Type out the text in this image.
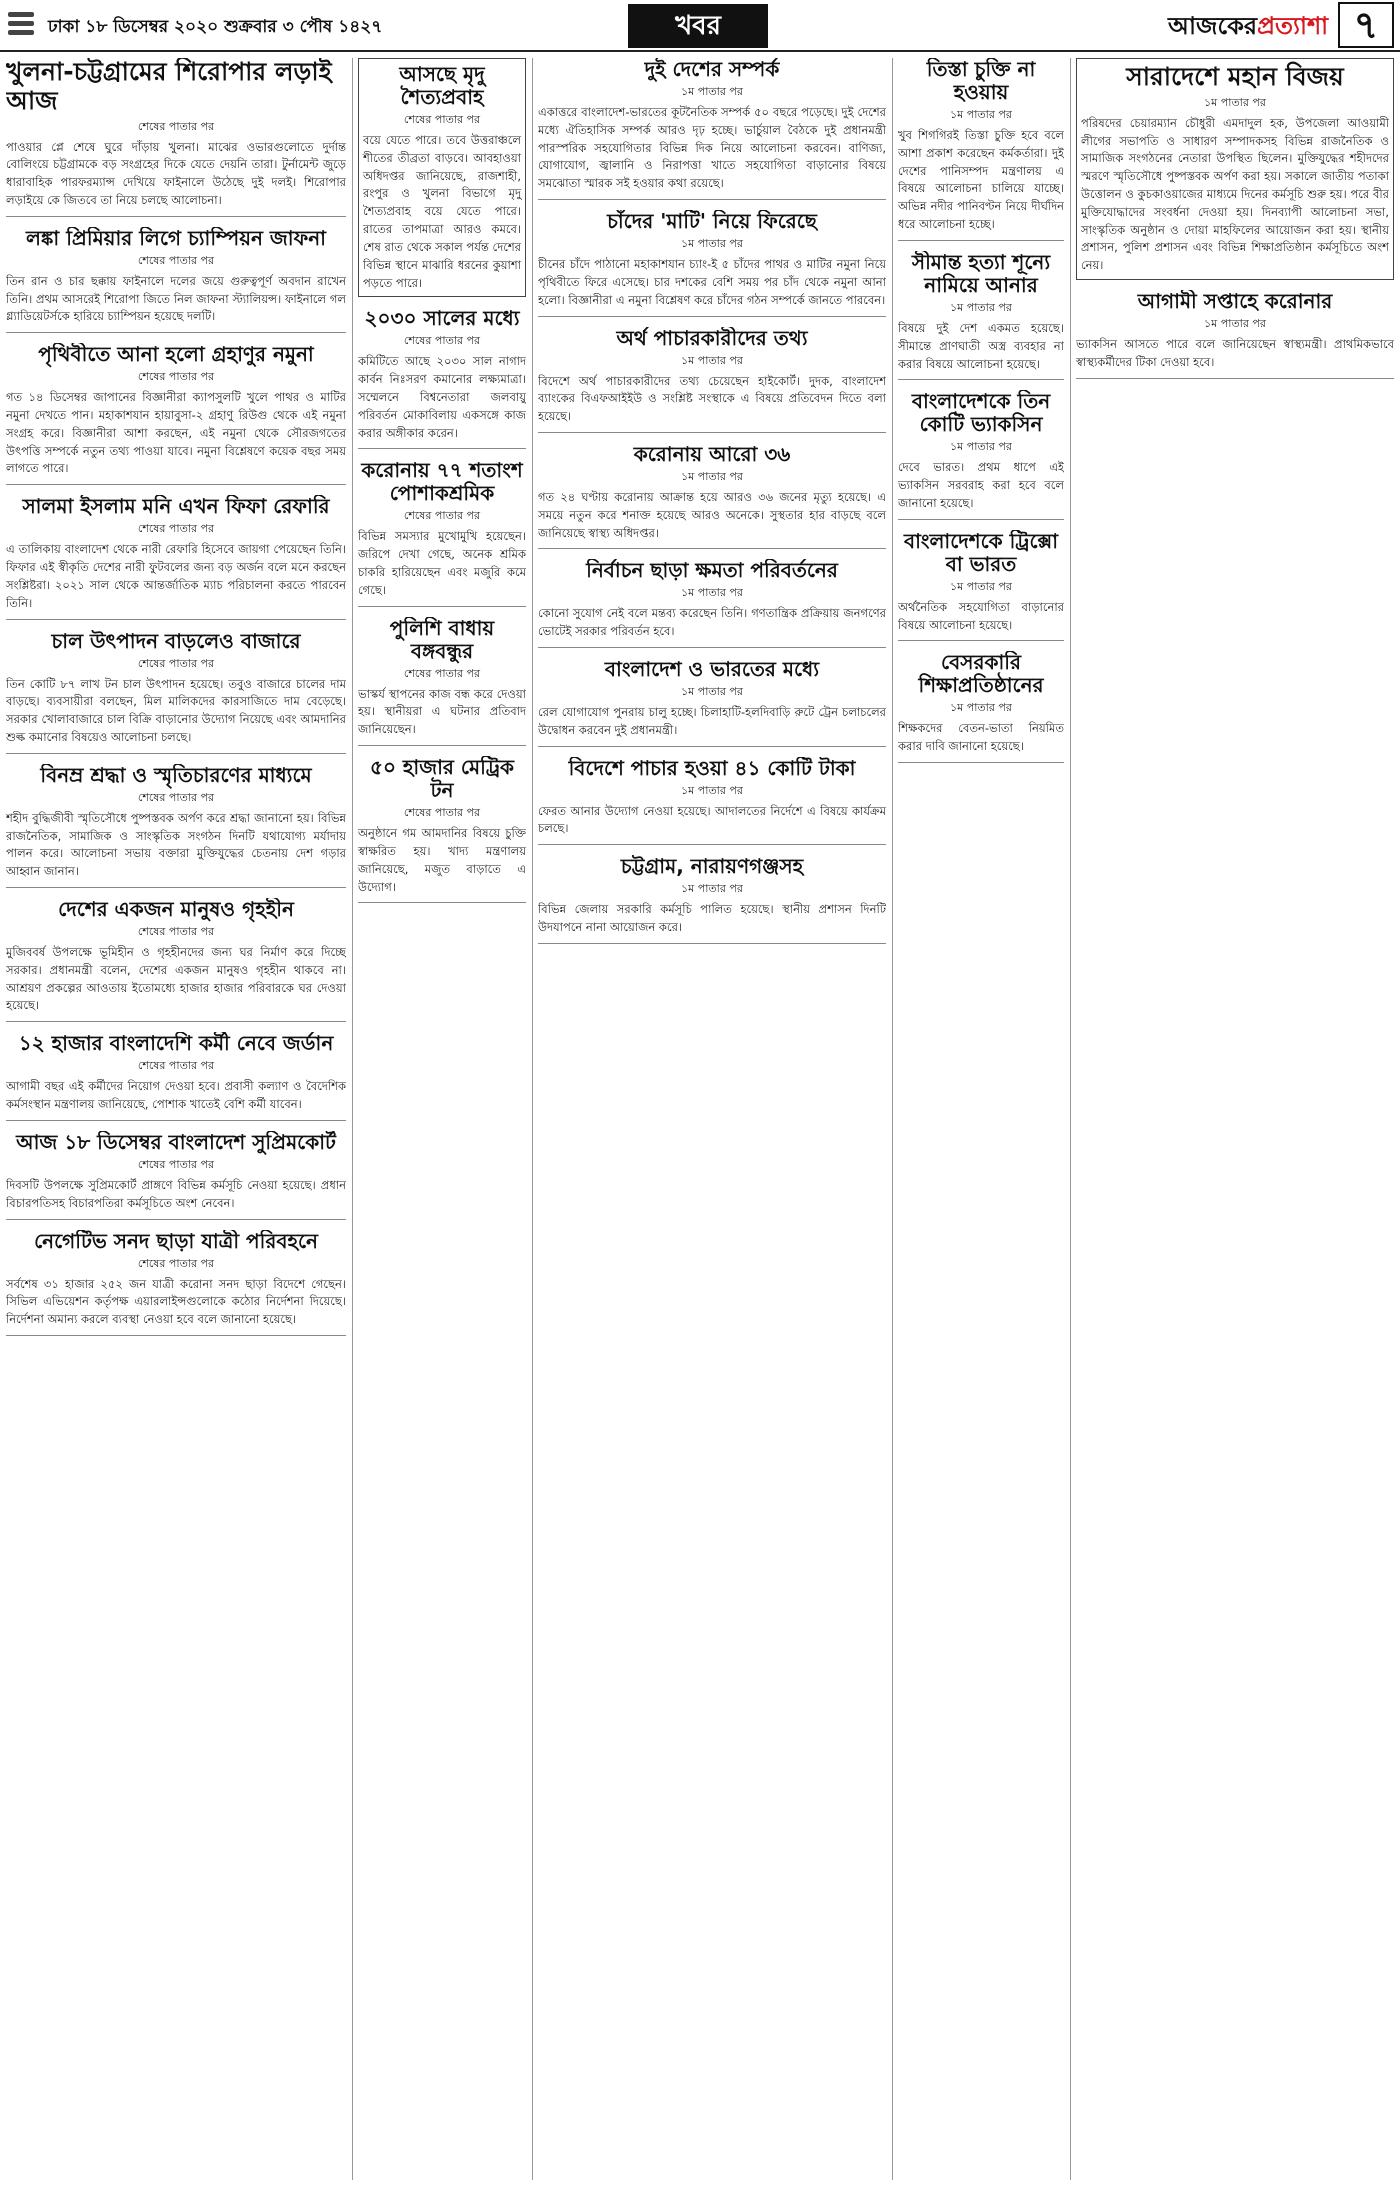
ঢাকা ১৮ ডিসেম্বর ২০২০ শুক্রবার ৩ পৌষ ১৪২৭	খবর	আজকেরপ্রত্যাশা ৭
খুলনা-চট্টগ্রামের শিরোপার লড়াই আজ
শেষের পাতার পর

পাওয়ার প্লে শেষে ঘুরে দাঁড়ায় খুলনা। মাঝের ওভারগুলোতে দুর্দান্ত বোলিংয়ে চট্টগ্রামকে বড় সংগ্রহের দিকে যেতে দেয়নি তারা। টুর্নামেন্ট জুড়ে ধারাবাহিক পারফরম্যান্স দেখিয়ে ফাইনালে উঠেছে দুই দলই। শিরোপার লড়াইয়ে কে জিতবে তা নিয়ে চলছে আলোচনা।

লঙ্কা প্রিমিয়ার লিগে চ্যাম্পিয়ন জাফনা
শেষের পাতার পর

তিন রান ও চার ছক্কায় ফাইনালে দলের জয়ে গুরুত্বপূর্ণ অবদান রাখেন তিনি। প্রথম আসরেই শিরোপা জিতে নিল জাফনা স্ট্যালিয়ন্স। ফাইনালে গল গ্ল্যাডিয়েটর্সকে হারিয়ে চ্যাম্পিয়ন হয়েছে দলটি।

পৃথিবীতে আনা হলো গ্রহাণুর নমুনা
শেষের পাতার পর

গত ১৪ ডিসেম্বর জাপানের বিজ্ঞানীরা ক্যাপসুলটি খুলে পাথর ও মাটির নমুনা দেখতে পান। মহাকাশযান হায়াবুসা-২ গ্রহাণু রিউগু থেকে এই নমুনা সংগ্রহ করে। বিজ্ঞানীরা আশা করছেন, এই নমুনা থেকে সৌরজগতের উৎপত্তি সম্পর্কে নতুন তথ্য পাওয়া যাবে। নমুনা বিশ্লেষণে কয়েক বছর সময় লাগতে পারে।

সালমা ইসলাম মনি এখন ফিফা রেফারি
শেষের পাতার পর

এ তালিকায় বাংলাদেশ থেকে নারী রেফারি হিসেবে জায়গা পেয়েছেন তিনি। ফিফার এই স্বীকৃতি দেশের নারী ফুটবলের জন্য বড় অর্জন বলে মনে করছেন সংশ্লিষ্টরা। ২০২১ সাল থেকে আন্তর্জাতিক ম্যাচ পরিচালনা করতে পারবেন তিনি।

চাল উৎপাদন বাড়লেও বাজারে
শেষের পাতার পর

তিন কোটি ৮৭ লাখ টন চাল উৎপাদন হয়েছে। তবুও বাজারে চালের দাম বাড়ছে। ব্যবসায়ীরা বলছেন, মিল মালিকদের কারসাজিতে দাম বেড়েছে। সরকার খোলাবাজারে চাল বিক্রি বাড়ানোর উদ্যোগ নিয়েছে এবং আমদানির শুল্ক কমানোর বিষয়েও আলোচনা চলছে।

বিনম্র শ্রদ্ধা ও স্মৃতিচারণের মাধ্যমে
শেষের পাতার পর

শহীদ বুদ্ধিজীবী স্মৃতিসৌধে পুষ্পস্তবক অর্পণ করে শ্রদ্ধা জানানো হয়। বিভিন্ন রাজনৈতিক, সামাজিক ও সাংস্কৃতিক সংগঠন দিনটি যথাযোগ্য মর্যাদায় পালন করে। আলোচনা সভায় বক্তারা মুক্তিযুদ্ধের চেতনায় দেশ গড়ার আহ্বান জানান।

দেশের একজন মানুষও গৃহহীন
শেষের পাতার পর

মুজিববর্ষ উপলক্ষে ভূমিহীন ও গৃহহীনদের জন্য ঘর নির্মাণ করে দিচ্ছে সরকার। প্রধানমন্ত্রী বলেন, দেশের একজন মানুষও গৃহহীন থাকবে না। আশ্রয়ণ প্রকল্পের আওতায় ইতোমধ্যে হাজার হাজার পরিবারকে ঘর দেওয়া হয়েছে।

১২ হাজার বাংলাদেশি কর্মী নেবে জর্ডান
শেষের পাতার পর

আগামী বছর এই কর্মীদের নিয়োগ দেওয়া হবে। প্রবাসী কল্যাণ ও বৈদেশিক কর্মসংস্থান মন্ত্রণালয় জানিয়েছে, পোশাক খাতেই বেশি কর্মী যাবেন।

আজ ১৮ ডিসেম্বর বাংলাদেশ সুপ্রিমকোর্ট
শেষের পাতার পর

দিবসটি উপলক্ষে সুপ্রিমকোর্ট প্রাঙ্গণে বিভিন্ন কর্মসূচি নেওয়া হয়েছে। প্রধান বিচারপতিসহ বিচারপতিরা কর্মসূচিতে অংশ নেবেন।

নেগেটিভ সনদ ছাড়া যাত্রী পরিবহনে
শেষের পাতার পর

সর্বশেষ ৩১ হাজার ২৫২ জন যাত্রী করোনা সনদ ছাড়া বিদেশে গেছেন। সিভিল এভিয়েশন কর্তৃপক্ষ এয়ারলাইন্সগুলোকে কঠোর নির্দেশনা দিয়েছে। নির্দেশনা অমান্য করলে ব্যবস্থা নেওয়া হবে বলে জানানো হয়েছে।

আসছে মৃদু শৈত্যপ্রবাহ
শেষের পাতার পর

বয়ে যেতে পারে। তবে উত্তরাঞ্চলে শীতের তীব্রতা বাড়বে। আবহাওয়া অধিদপ্তর জানিয়েছে, রাজশাহী, রংপুর ও খুলনা বিভাগে মৃদু শৈত্যপ্রবাহ বয়ে যেতে পারে। রাতের তাপমাত্রা আরও কমবে। শেষ রাত থেকে সকাল পর্যন্ত দেশের বিভিন্ন স্থানে মাঝারি ধরনের কুয়াশা পড়তে পারে।

২০৩০ সালের মধ্যে
শেষের পাতার পর

কমিটিতে আছে ২০৩০ সাল নাগাদ কার্বন নিঃসরণ কমানোর লক্ষ্যমাত্রা। সম্মেলনে বিশ্বনেতারা জলবায়ু পরিবর্তন মোকাবিলায় একসঙ্গে কাজ করার অঙ্গীকার করেন।

করোনায় ৭৭ শতাংশ পোশাকশ্রমিক
শেষের পাতার পর

বিভিন্ন সমস্যার মুখোমুখি হয়েছেন। জরিপে দেখা গেছে, অনেক শ্রমিক চাকরি হারিয়েছেন এবং মজুরি কমে গেছে।

পুলিশি বাধায় বঙ্গবন্ধুর
শেষের পাতার পর

ভাস্কর্য স্থাপনের কাজ বন্ধ করে দেওয়া হয়। স্থানীয়রা এ ঘটনার প্রতিবাদ জানিয়েছেন।

৫০ হাজার মেট্রিক টন
শেষের পাতার পর

অনুষ্ঠানে গম আমদানির বিষয়ে চুক্তি স্বাক্ষরিত হয়। খাদ্য মন্ত্রণালয় জানিয়েছে, মজুত বাড়াতে এ উদ্যোগ।

দুই দেশের সম্পর্ক
১ম পাতার পর

একাত্তরে বাংলাদেশ-ভারতের কূটনৈতিক সম্পর্ক ৫০ বছরে পড়েছে। দুই দেশের মধ্যে ঐতিহাসিক সম্পর্ক আরও দৃঢ় হচ্ছে। ভার্চুয়াল বৈঠকে দুই প্রধানমন্ত্রী পারস্পরিক সহযোগিতার বিভিন্ন দিক নিয়ে আলোচনা করবেন। বাণিজ্য, যোগাযোগ, জ্বালানি ও নিরাপত্তা খাতে সহযোগিতা বাড়ানোর বিষয়ে সমঝোতা স্মারক সই হওয়ার কথা রয়েছে।

চাঁদের 'মাটি' নিয়ে ফিরেছে
১ম পাতার পর

চীনের চাঁদে পাঠানো মহাকাশযান চ্যাং-ই ৫ চাঁদের পাথর ও মাটির নমুনা নিয়ে পৃথিবীতে ফিরে এসেছে। চার দশকের বেশি সময় পর চাঁদ থেকে নমুনা আনা হলো। বিজ্ঞানীরা এ নমুনা বিশ্লেষণ করে চাঁদের গঠন সম্পর্কে জানতে পারবেন।

অর্থ পাচারকারীদের তথ্য
১ম পাতার পর

বিদেশে অর্থ পাচারকারীদের তথ্য চেয়েছেন হাইকোর্ট। দুদক, বাংলাদেশ ব্যাংকের বিএফআইইউ ও সংশ্লিষ্ট সংস্থাকে এ বিষয়ে প্রতিবেদন দিতে বলা হয়েছে।

করোনায় আরো ৩৬
১ম পাতার পর

গত ২৪ ঘণ্টায় করোনায় আক্রান্ত হয়ে আরও ৩৬ জনের মৃত্যু হয়েছে। এ সময়ে নতুন করে শনাক্ত হয়েছে আরও অনেকে। সুস্থতার হার বাড়ছে বলে জানিয়েছে স্বাস্থ্য অধিদপ্তর।

নির্বাচন ছাড়া ক্ষমতা পরিবর্তনের
১ম পাতার পর

কোনো সুযোগ নেই বলে মন্তব্য করেছেন তিনি। গণতান্ত্রিক প্রক্রিয়ায় জনগণের ভোটেই সরকার পরিবর্তন হবে।

বাংলাদেশ ও ভারতের মধ্যে
১ম পাতার পর

রেল যোগাযোগ পুনরায় চালু হচ্ছে। চিলাহাটি-হলদিবাড়ি রুটে ট্রেন চলাচলের উদ্বোধন করবেন দুই প্রধানমন্ত্রী।

বিদেশে পাচার হওয়া ৪১ কোটি টাকা
১ম পাতার পর

ফেরত আনার উদ্যোগ নেওয়া হয়েছে। আদালতের নির্দেশে এ বিষয়ে কার্যক্রম চলছে।

চট্টগ্রাম, নারায়ণগঞ্জসহ
১ম পাতার পর

বিভিন্ন জেলায় সরকারি কর্মসূচি পালিত হয়েছে। স্থানীয় প্রশাসন দিনটি উদযাপনে নানা আয়োজন করে।

তিস্তা চুক্তি না হওয়ায়
১ম পাতার পর

খুব শিগগিরই তিস্তা চুক্তি হবে বলে আশা প্রকাশ করেছেন কর্মকর্তারা। দুই দেশের পানিসম্পদ মন্ত্রণালয় এ বিষয়ে আলোচনা চালিয়ে যাচ্ছে। অভিন্ন নদীর পানিবণ্টন নিয়ে দীর্ঘদিন ধরে আলোচনা হচ্ছে।

সীমান্ত হত্যা শূন্যে নামিয়ে আনার
১ম পাতার পর

বিষয়ে দুই দেশ একমত হয়েছে। সীমান্তে প্রাণঘাতী অস্ত্র ব্যবহার না করার বিষয়ে আলোচনা হয়েছে।

বাংলাদেশকে তিন কোটি ভ্যাকসিন
১ম পাতার পর

দেবে ভারত। প্রথম ধাপে এই ভ্যাকসিন সরবরাহ করা হবে বলে জানানো হয়েছে।

বাংলাদেশকে ট্রিক্সো বা ভারত
১ম পাতার পর

অর্থনৈতিক সহযোগিতা বাড়ানোর বিষয়ে আলোচনা হয়েছে।

বেসরকারি শিক্ষাপ্রতিষ্ঠানের
১ম পাতার পর

শিক্ষকদের বেতন-ভাতা নিয়মিত করার দাবি জানানো হয়েছে।

সারাদেশে মহান বিজয়
১ম পাতার পর

পরিষদের চেয়ারম্যান চৌধুরী এমদাদুল হক, উপজেলা আওয়ামী লীগের সভাপতি ও সাধারণ সম্পাদকসহ বিভিন্ন রাজনৈতিক ও সামাজিক সংগঠনের নেতারা উপস্থিত ছিলেন। মুক্তিযুদ্ধের শহীদদের স্মরণে স্মৃতিসৌধে পুষ্পস্তবক অর্পণ করা হয়। সকালে জাতীয় পতাকা উত্তোলন ও কুচকাওয়াজের মাধ্যমে দিনের কর্মসূচি শুরু হয়। পরে বীর মুক্তিযোদ্ধাদের সংবর্ধনা দেওয়া হয়। দিনব্যাপী আলোচনা সভা, সাংস্কৃতিক অনুষ্ঠান ও দোয়া মাহফিলের আয়োজন করা হয়। স্থানীয় প্রশাসন, পুলিশ প্রশাসন এবং বিভিন্ন শিক্ষাপ্রতিষ্ঠান কর্মসূচিতে অংশ নেয়।

আগামী সপ্তাহে করোনার
১ম পাতার পর

ভ্যাকসিন আসতে পারে বলে জানিয়েছেন স্বাস্থ্যমন্ত্রী। প্রাথমিকভাবে স্বাস্থ্যকর্মীদের টিকা দেওয়া হবে।
